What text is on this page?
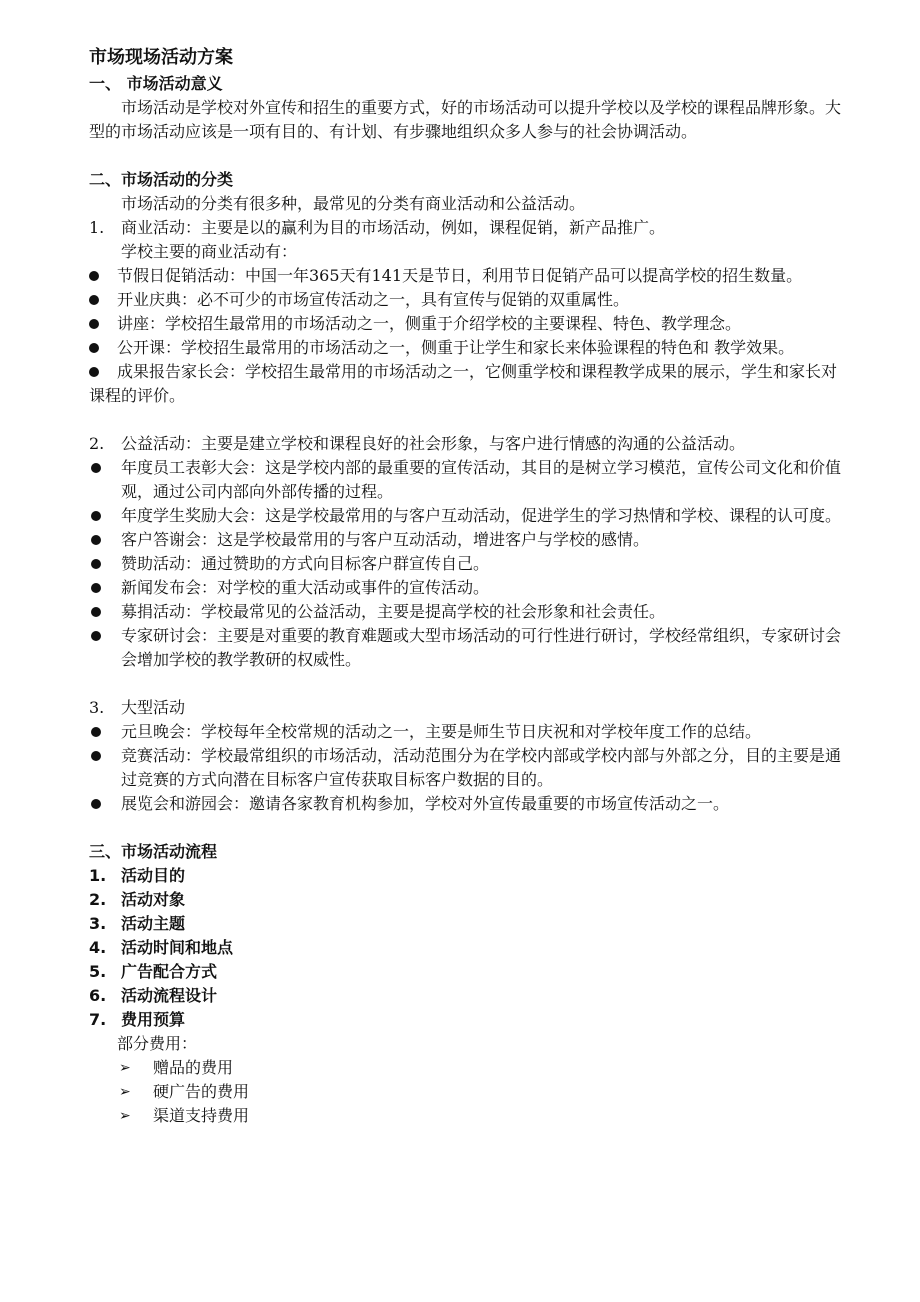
市场现场活动方案

一、 市场活动意义

市场活动是学校对外宣传和招生的重要方式，好的市场活动可以提升学校以及学校的课程品牌形象。大型的市场活动应该是一项有目的、有计划、有步骤地组织众多人参与的社会协调活动。

二、市场活动的分类

市场活动的分类有很多种，最常见的分类有商业活动和公益活动。

1. 商业活动：主要是以的赢利为目的市场活动，例如，课程促销，新产品推广。

学校主要的商业活动有：

节假日促销活动：中国一年365天有141天是节日，利用节日促销产品可以提高学校的招生数量。

开业庆典：必不可少的市场宣传活动之一，具有宣传与促销的双重属性。

讲座：学校招生最常用的市场活动之一，侧重于介绍学校的主要课程、特色、教学理念。

公开课：学校招生最常用的市场活动之一，侧重于让学生和家长来体验课程的特色和 教学效果。

成果报告家长会：学校招生最常用的市场活动之一，它侧重学校和课程教学成果的展示，学生和家长对课程的评价。

2. 公益活动：主要是建立学校和课程良好的社会形象，与客户进行情感的沟通的公益活动。

年度员工表彰大会：这是学校内部的最重要的宣传活动，其目的是树立学习模范，宣传公司文化和价值观，通过公司内部向外部传播的过程。

年度学生奖励大会：这是学校最常用的与客户互动活动，促进学生的学习热情和学校、课程的认可度。

客户答谢会：这是学校最常用的与客户互动活动，增进客户与学校的感情。

赞助活动：通过赞助的方式向目标客户群宣传自己。

新闻发布会：对学校的重大活动或事件的宣传活动。

募捐活动：学校最常见的公益活动，主要是提高学校的社会形象和社会责任。

专家研讨会：主要是对重要的教育难题或大型市场活动的可行性进行研讨，学校经常组织，专家研讨会会增加学校的教学教研的权威性。

3. 大型活动

元旦晚会：学校每年全校常规的活动之一，主要是师生节日庆祝和对学校年度工作的总结。

竞赛活动：学校最常组织的市场活动，活动范围分为在学校内部或学校内部与外部之分，目的主要是通过竞赛的方式向潜在目标客户宣传获取目标客户数据的目的。

展览会和游园会：邀请各家教育机构参加，学校对外宣传最重要的市场宣传活动之一。

三、市场活动流程

1. 活动目的

2. 活动对象

3. 活动主题

4. 活动时间和地点

5. 广告配合方式

6. 活动流程设计

7. 费用预算

部分费用：

➢ 赠品的费用

➢ 硬广告的费用

➢ 渠道支持费用
